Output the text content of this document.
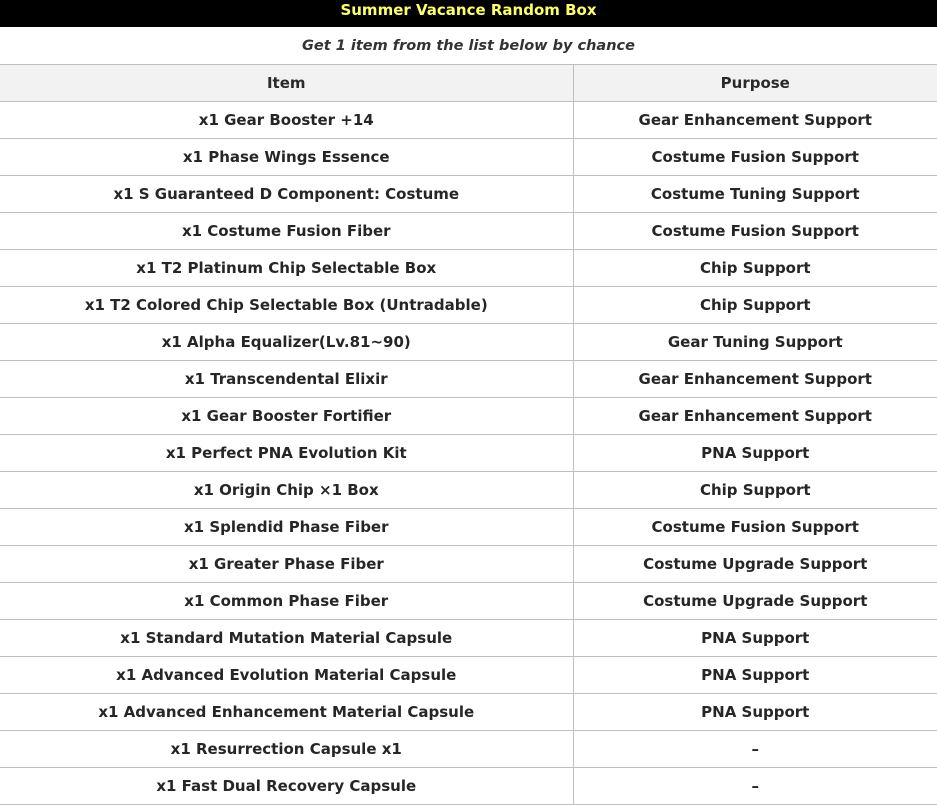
Summer Vacance Random Box
Get 1 item from the list below by chance
Item	Purpose
x1 Gear Booster +14	Gear Enhancement Support
x1 Phase Wings Essence	Costume Fusion Support
x1 S Guaranteed D Component: Costume	Costume Tuning Support
x1 Costume Fusion Fiber	Costume Fusion Support
x1 T2 Platinum Chip Selectable Box	Chip Support
x1 T2 Colored Chip Selectable Box (Untradable)	Chip Support
x1 Alpha Equalizer(Lv.81~90)	Gear Tuning Support
x1 Transcendental Elixir	Gear Enhancement Support
x1 Gear Booster Fortifier	Gear Enhancement Support
x1 Perfect PNA Evolution Kit	PNA Support
x1 Origin Chip ×1 Box	Chip Support
x1 Splendid Phase Fiber	Costume Fusion Support
x1 Greater Phase Fiber	Costume Upgrade Support
x1 Common Phase Fiber	Costume Upgrade Support
x1 Standard Mutation Material Capsule	PNA Support
x1 Advanced Evolution Material Capsule	PNA Support
x1 Advanced Enhancement Material Capsule	PNA Support
x1 Resurrection Capsule x1	–
x1 Fast Dual Recovery Capsule	–
